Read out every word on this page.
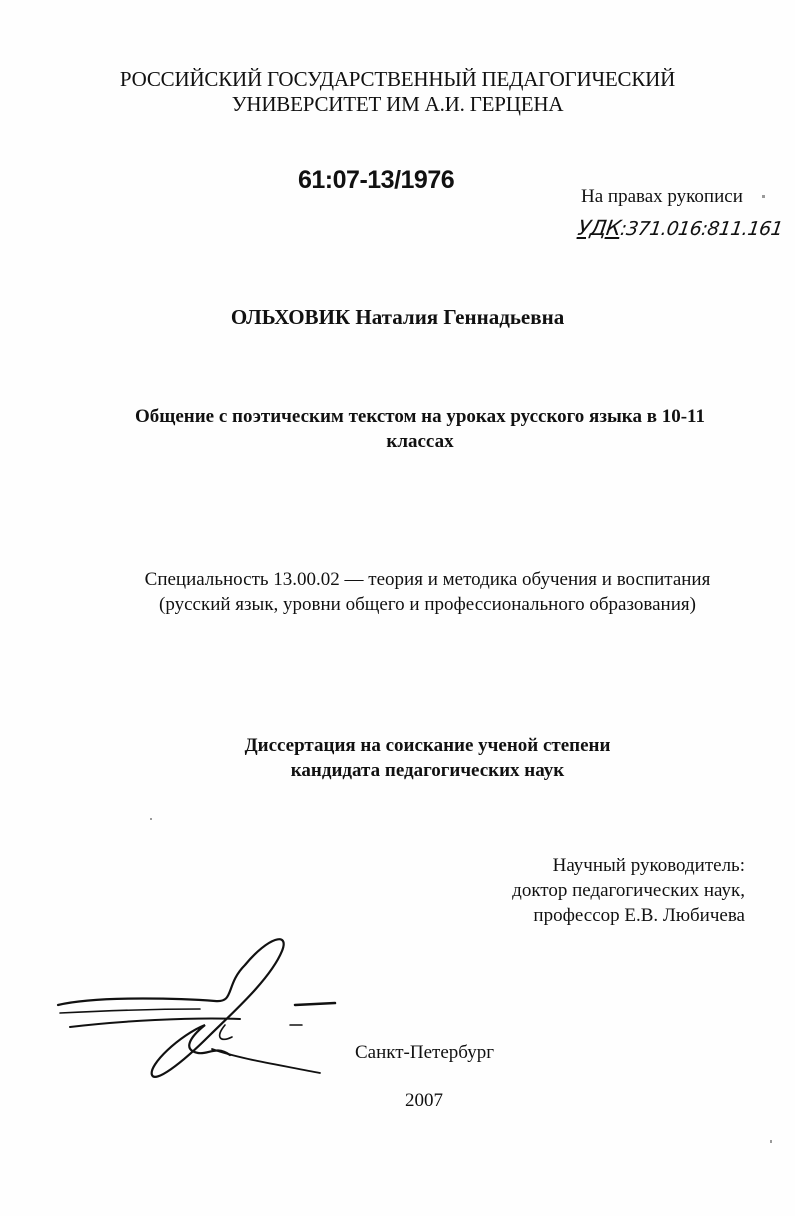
РОССИЙСКИЙ ГОСУДАРСТВЕННЫЙ ПЕДАГОГИЧЕСКИЙ
УНИВЕРСИТЕТ ИМ А.И. ГЕРЦЕНА
61:07-13/1976
На правах рукописи
УДК:371.016:811.161
ОЛЬХОВИК Наталия Геннадьевна
Общение с поэтическим текстом на уроках русского языка в 10-11
классах
Специальность 13.00.02 — теория и методика обучения и воспитания
(русский язык, уровни общего и профессионального образования)
Диссертация на соискание ученой степени
кандидата педагогических наук
Научный руководитель:
доктор педагогических наук,
профессор Е.В. Любичева
Санкт-Петербург
2007
